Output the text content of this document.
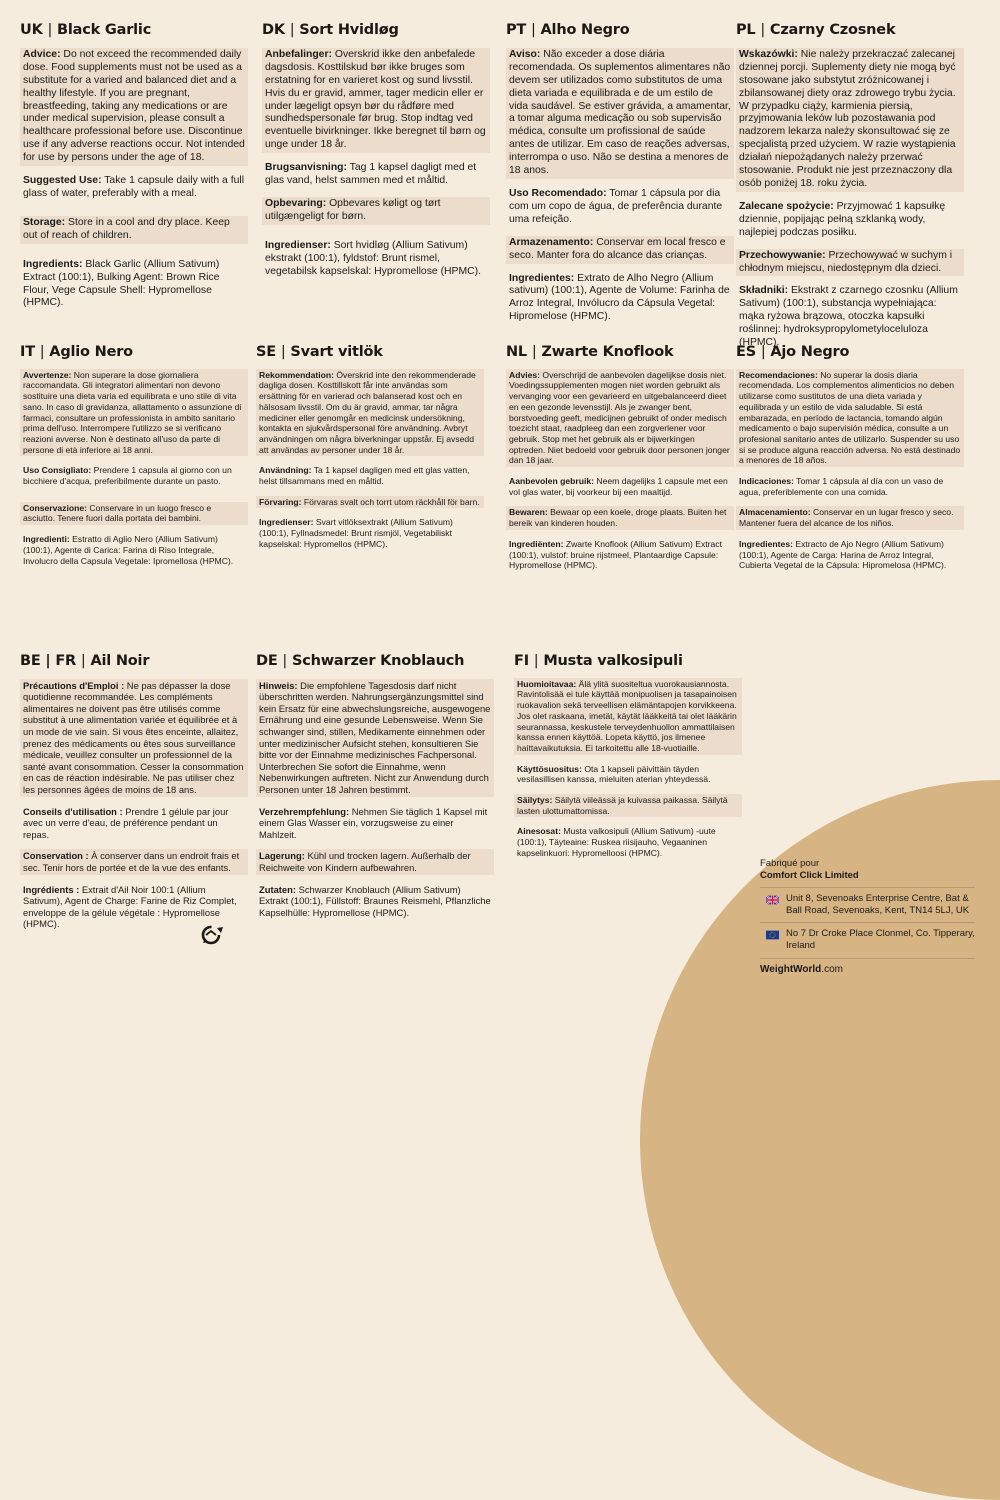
UK | Black Garlic

Advice: Do not exceed the recommended daily dose. Food supplements must not be used as a substitute for a varied and balanced diet and a healthy lifestyle. If you are pregnant, breastfeeding, taking any medications or are under medical supervision, please consult a healthcare professional before use. Discontinue use if any adverse reactions occur. Not intended for use by persons under the age of 18.

Suggested Use: Take 1 capsule daily with a full glass of water, preferably with a meal.

Storage: Store in a cool and dry place. Keep out of reach of children.

Ingredients: Black Garlic (Allium Sativum) Extract (100:1), Bulking Agent: Brown Rice Flour, Vege Capsule Shell: Hypromellose (HPMC).

DK | Sort Hvidløg

Anbefalinger: Overskrid ikke den anbefalede dagsdosis. Kosttilskud bør ikke bruges som erstatning for en varieret kost og sund livsstil. Hvis du er gravid, ammer, tager medicin eller er under lægeligt opsyn bør du rådføre med sundhedspersonale før brug. Stop indtag ved eventuelle bivirkninger. Ikke beregnet til børn og unge under 18 år.

Brugsanvisning: Tag 1 kapsel dagligt med et glas vand, helst sammen med et måltid.

Opbevaring: Opbevares køligt og tørt utilgængeligt for børn.

Ingredienser: Sort hvidløg (Allium Sativum) ekstrakt (100:1), fyldstof: Brunt rismel, vegetabilsk kapselskal: Hypromellose (HPMC).

PT | Alho Negro

Aviso: Não exceder a dose diária recomendada. Os suplementos alimentares não devem ser utilizados como substitutos de uma dieta variada e equilibrada e de um estilo de vida saudável. Se estiver grávida, a amamentar, a tomar alguma medicação ou sob supervisão médica, consulte um profissional de saúde antes de utilizar. Em caso de reações adversas, interrompa o uso. Não se destina a menores de 18 anos.

Uso Recomendado: Tomar 1 cápsula por dia com um copo de água, de preferência durante uma refeição.

Armazenamento: Conservar em local fresco e seco. Manter fora do alcance das crianças.

Ingredientes: Extrato de Alho Negro (Allium sativum) (100:1), Agente de Volume: Farinha de Arroz Integral, Invólucro da Cápsula Vegetal: Hipromelose (HPMC).

PL | Czarny Czosnek

Wskazówki: Nie należy przekraczać zalecanej dziennej porcji. Suplementy diety nie mogą być stosowane jako substytut zróżnicowanej i zbilansowanej diety oraz zdrowego trybu życia. W przypadku ciąży, karmienia piersią, przyjmowania leków lub pozostawania pod nadzorem lekarza należy skonsultować się ze specjalistą przed użyciem. W razie wystąpienia działań niepożądanych należy przerwać stosowanie. Produkt nie jest przeznaczony dla osób poniżej 18. roku życia.

Zalecane spożycie: Przyjmować 1 kapsułkę dziennie, popijając pełną szklanką wody, najlepiej podczas posiłku.

Przechowywanie: Przechowywać w suchym i chłodnym miejscu, niedostępnym dla dzieci.

Składniki: Ekstrakt z czarnego czosnku (Allium Sativum) (100:1), substancja wypełniająca: mąka ryżowa brązowa, otoczka kapsułki roślinnej: hydroksypropylometyloceluloza (HPMC).

IT | Aglio Nero

Avvertenze: Non superare la dose giornaliera raccomandata. Gli integratori alimentari non devono sostituire una dieta varia ed equilibrata e uno stile di vita sano. In caso di gravidanza, allattamento o assunzione di farmaci, consultare un professionista in ambito sanitario prima dell'uso. Interrompere l'utilizzo se si verificano reazioni avverse. Non è destinato all'uso da parte di persone di età inferiore ai 18 anni.

Uso Consigliato: Prendere 1 capsula al giorno con un bicchiere d'acqua, preferibilmente durante un pasto.

Conservazione: Conservare in un luogo fresco e asciutto. Tenere fuori dalla portata dei bambini.

Ingredienti: Estratto di Aglio Nero (Allium Sativum) (100:1), Agente di Carica: Farina di Riso Integrale, Involucro della Capsula Vegetale: Ipromellosa (HPMC).

SE | Svart vitlök

Rekommendation: Överskrid inte den rekommenderade dagliga dosen. Kosttillskott får inte användas som ersättning för en varierad och balanserad kost och en hälsosam livsstil. Om du är gravid, ammar, tar några mediciner eller genomgår en medicinsk undersökning, kontakta en sjukvårdspersonal före användning. Avbryt användningen om några biverkningar uppstår. Ej avsedd att användas av personer under 18 år.

Användning: Ta 1 kapsel dagligen med ett glas vatten, helst tillsammans med en måltid.

Förvaring: Förvaras svalt och torrt utom räckhåll för barn.

Ingredienser: Svart vitlöksextrakt (Allium Sativum) (100:1), Fyllnadsmedel: Brunt rismjöl, Vegetabiliskt kapselskal: Hypromellos (HPMC).

NL | Zwarte Knoflook

Advies: Overschrijd de aanbevolen dagelijkse dosis niet. Voedingssupplementen mogen niet worden gebruikt als vervanging voor een gevarieerd en uitgebalanceerd dieet en een gezonde levensstijl. Als je zwanger bent, borstvoeding geeft, medicijnen gebruikt of onder medisch toezicht staat, raadpleeg dan een zorgverlener voor gebruik. Stop met het gebruik als er bijwerkingen optreden. Niet bedoeld voor gebruik door personen jonger dan 18 jaar.

Aanbevolen gebruik: Neem dagelijks 1 capsule met een vol glas water, bij voorkeur bij een maaltijd.

Bewaren: Bewaar op een koele, droge plaats. Buiten het bereik van kinderen houden.

Ingrediënten: Zwarte Knoflook (Allium Sativum) Extract (100:1), vulstof: bruine rijstmeel, Plantaardige Capsule: Hypromellose (HPMC).

ES | Ajo Negro

Recomendaciones: No superar la dosis diaria recomendada. Los complementos alimenticios no deben utilizarse como sustitutos de una dieta variada y equilibrada y un estilo de vida saludable. Si está embarazada, en período de lactancia, tomando algún medicamento o bajo supervisión médica, consulte a un profesional sanitario antes de utilizarlo. Suspender su uso si se produce alguna reacción adversa. No está destinado a menores de 18 años.

Indicaciones: Tomar 1 cápsula al día con un vaso de agua, preferiblemente con una comida.

Almacenamiento: Conservar en un lugar fresco y seco. Mantener fuera del alcance de los niños.

Ingredientes: Extracto de Ajo Negro (Allium Sativum) (100:1), Agente de Carga: Harina de Arroz Integral, Cubierta Vegetal de la Cápsula: Hipromelosa (HPMC).

BE | FR | Ail Noir

Précautions d'Emploi : Ne pas dépasser la dose quotidienne recommandée. Les compléments alimentaires ne doivent pas être utilisés comme substitut à une alimentation variée et équilibrée et à un mode de vie sain. Si vous êtes enceinte, allaitez, prenez des médicaments ou êtes sous surveillance médicale, veuillez consulter un professionnel de la santé avant consommation. Cesser la consommation en cas de réaction indésirable. Ne pas utiliser chez les personnes âgées de moins de 18 ans.

Conseils d'utilisation : Prendre 1 gélule par jour avec un verre d'eau, de préférence pendant un repas.

Conservation : À conserver dans un endroit frais et sec. Tenir hors de portée et de la vue des enfants.

Ingrédients : Extrait d'Ail Noir 100:1 (Allium Sativum), Agent de Charge: Farine de Riz Complet, enveloppe de la gélule végétale : Hypromellose (HPMC).

DE | Schwarzer Knoblauch

Hinweis: Die empfohlene Tagesdosis darf nicht überschritten werden. Nahrungsergänzungsmittel sind kein Ersatz für eine abwechslungsreiche, ausgewogene Ernährung und eine gesunde Lebensweise. Wenn Sie schwanger sind, stillen, Medikamente einnehmen oder unter medizinischer Aufsicht stehen, konsultieren Sie bitte vor der Einnahme medizinisches Fachpersonal. Unterbrechen Sie sofort die Einnahme, wenn Nebenwirkungen auftreten. Nicht zur Anwendung durch Personen unter 18 Jahren bestimmt.

Verzehrempfehlung: Nehmen Sie täglich 1 Kapsel mit einem Glas Wasser ein, vorzugsweise zu einer Mahlzeit.

Lagerung: Kühl und trocken lagern. Außerhalb der Reichweite von Kindern aufbewahren.

Zutaten: Schwarzer Knoblauch (Allium Sativum) Extrakt (100:1), Füllstoff: Braunes Reismehl, Pflanzliche Kapselhülle: Hypromellose (HPMC).

FI | Musta valkosipuli

Huomioitavaa: Älä ylitä suositeltua vuorokausiannosta. Ravintolisää ei tule käyttää monipuolisen ja tasapainoisen ruokavalion sekä terveellisen elämäntapojen korvikkeena. Jos olet raskaana, imetät, käytät lääkkeitä tai olet lääkärin seurannassa, keskustele terveydenhuollon ammattilaisen kanssa ennen käyttöä. Lopeta käyttö, jos ilmenee haittavaikutuksia. Ei tarkoitettu alle 18-vuotiaille.

Käyttösuositus: Ota 1 kapseli päivittäin täyden vesilasillisen kanssa, mieluiten aterian yhteydessä.

Säilytys: Säilytä viileässä ja kuivassa paikassa. Säilytä lasten ulottumattomissa.

Ainesosat: Musta valkosipuli (Allium Sativum) -uute (100:1), Täyteaine: Ruskea riisijauho, Vegaaninen kapselinkuori: Hypromelloosi (HPMC).

Fabriqué pour
Comfort Click Limited
Unit 8, Sevenoaks Enterprise Centre, Bat & Ball Road, Sevenoaks, Kent, TN14 5LJ, UK
No 7 Dr Croke Place Clonmel, Co. Tipperary, Ireland
WeightWorld.com
